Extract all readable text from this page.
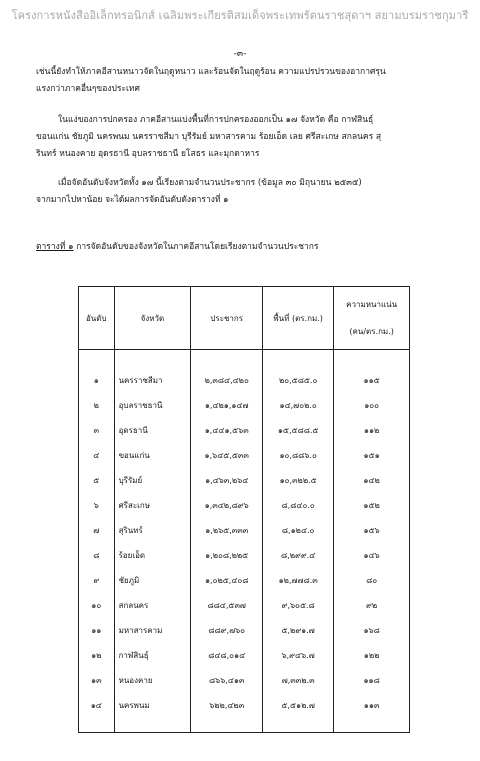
โครงการหนังสืออิเล็กทรอนิกส์ เฉลิมพระเกียรติสมเด็จพระเทพรัตนราชสุดาฯ สยามบรมราชกุมารี
-๓-
เช่นนี้ยังทำให้ภาคอีสานหนาวจัดในฤดูหนาว และร้อนจัดในฤดูร้อน ความแปรปรวนของอากาศรุน
แรงกว่าภาคอื่นๆของประเทศ
ในแง่ของการปกครอง ภาคอีสานแบ่งพื้นที่การปกครองออกเป็น ๑๗ จังหวัด คือ กาฬสินธุ์
ขอนแก่น ชัยภูมิ นครพนม นครราชสีมา บุรีรัมย์ มหาสารคาม ร้อยเอ็ด เลย ศรีสะเกษ สกลนคร สุ
รินทร์ หนองคาย อุดรธานี อุบลราชธานี ยโสธร และมุกดาหาร
เมื่อจัดอันดับจังหวัดทั้ง ๑๗ นี้เรียงตามจำนวนประชากร (ข้อมูล ๓๐ มิถุนายน ๒๕๓๕)
จากมากไปหาน้อย จะได้ผลการจัดอันดับดังตารางที่ ๑
ตารางที่ ๑ การจัดอันดับของจังหวัดในภาคอีสานโดยเรียงตามจำนวนประชากร
อันดับ	จังหวัด	ประชากร	พื้นที่ (ตร.กม.)	ความหนาแน่น
(คน/ตร.กม.)

๑	นครราชสีมา	๒,๓๘๔,๔๒๐	๒๐,๕๘๕.๐	๑๑๕
๒	อุบลราชธานี	๑,๔๒๑,๑๔๗	๑๔,๗๐๒.๐	๑๐๐
๓	อุดรธานี	๑,๔๔๑,๕๖๓	๑๕,๕๘๘.๕	๑๑๒
๔	ขอนแก่น	๑,๖๔๕,๕๓๓	๑๐,๘๘๖.๐	๑๕๑
๕	บุรีรัมย์	๑,๔๖๓,๒๖๔	๑๐,๓๒๒.๕	๑๔๒
๖	ศรีสะเกษ	๑,๓๔๒,๘๙๖	๘,๘๔๐.๐	๑๕๒
๗	สุรินทร์	๑,๒๖๕,๓๓๓	๘,๑๒๔.๐	๑๕๖
๘	ร้อยเอ็ด	๑,๒๐๘,๒๒๕	๘,๒๙๙.๔	๑๔๖
๙	ชัยภูมิ	๑,๐๒๕,๔๐๘	๑๒,๗๗๘.๓	๘๐
๑๐	สกลนคร	๘๘๔,๕๓๗	๙,๖๐๕.๘	๙๒
๑๑	มหาสารคาม	๘๘๙,๗๖๐	๕,๒๙๑.๗	๑๖๘
๑๒	กาฬสินธุ์	๘๔๘,๐๑๔	๖,๙๔๖.๗	๑๒๒
๑๓	หนองคาย	๘๖๖,๔๑๓	๗,๓๓๒.๓	๑๑๘
๑๔	นครพนม	๖๒๒,๔๒๓	๕,๕๑๒.๗	๑๑๓
